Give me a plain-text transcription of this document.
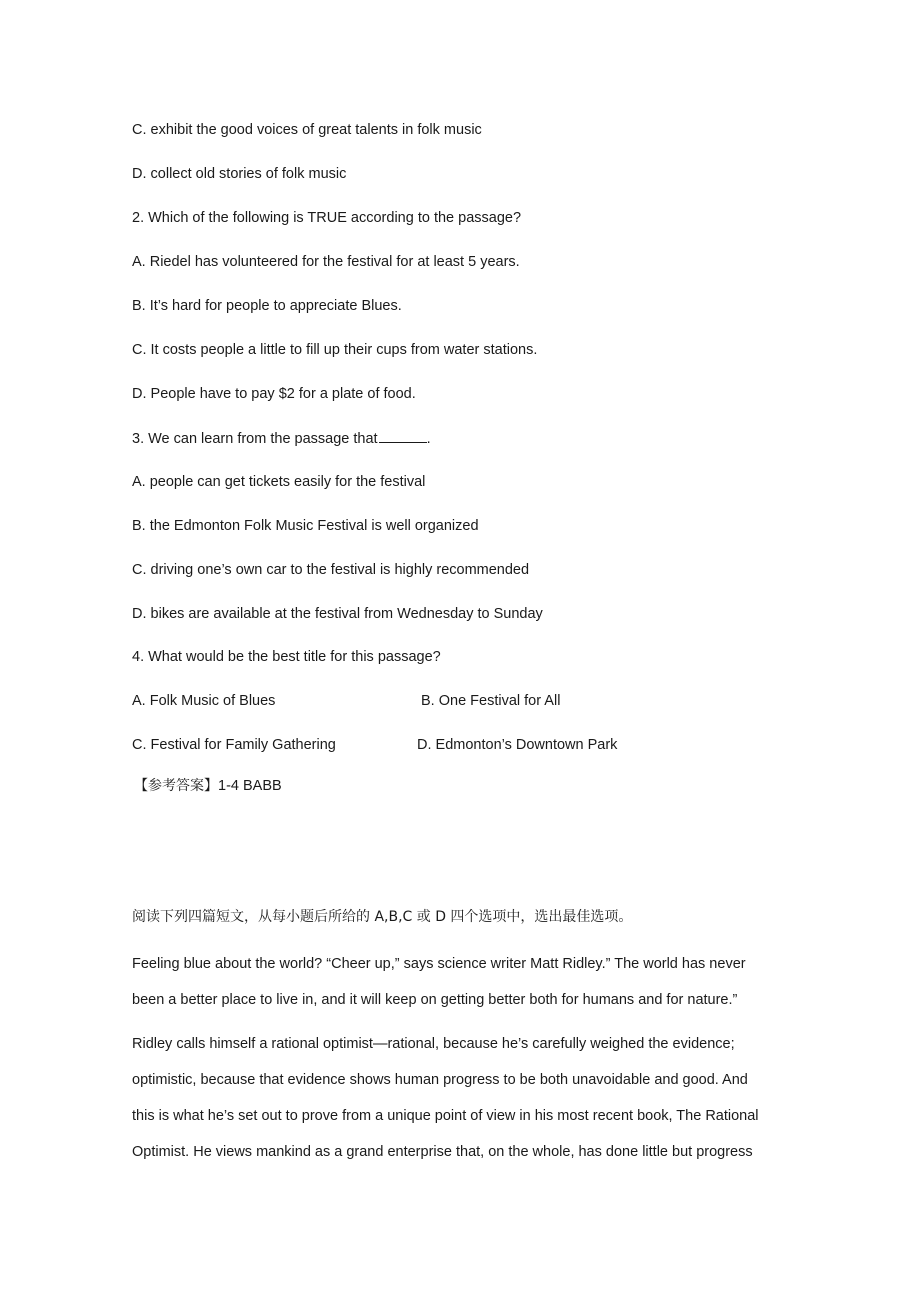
C. exhibit the good voices of great talents in folk music
D. collect old stories of folk music
2. Which of the following is TRUE according to the passage?
A. Riedel has volunteered for the festival for at least 5 years.
B. It’s hard for people to appreciate Blues.
C. It costs people a little to fill up their cups from water stations.
D. People have to pay $2 for a plate of food.
3. We can learn from the passage that	.
A. people can get tickets easily for the festival
B. the Edmonton Folk Music Festival is well organized
C. driving one’s own car to the festival is highly recommended
D. bikes are available at the festival from Wednesday to Sunday
4. What would be the best title for this passage?
A. Folk Music of Blues	B. One Festival for All
C. Festival for Family Gathering	D. Edmonton’s Downtown Park
【参考答案】1-4 BABB
阅读下列四篇短文，从每小题后所给的 A,B,C 或 D 四个选项中，选出最佳选项。
Feeling blue about the world? “Cheer up,” says science writer Matt Ridley.” The world has never
been a better place to live in, and it will keep on getting better both for humans and for nature.”
Ridley calls himself a rational optimist—rational, because he’s carefully weighed the evidence;
optimistic, because that evidence shows human progress to be both unavoidable and good. And
this is what he’s set out to prove from a unique point of view in his most recent book, The Rational
Optimist. He views mankind as a grand enterprise that, on the whole, has done little but progress
